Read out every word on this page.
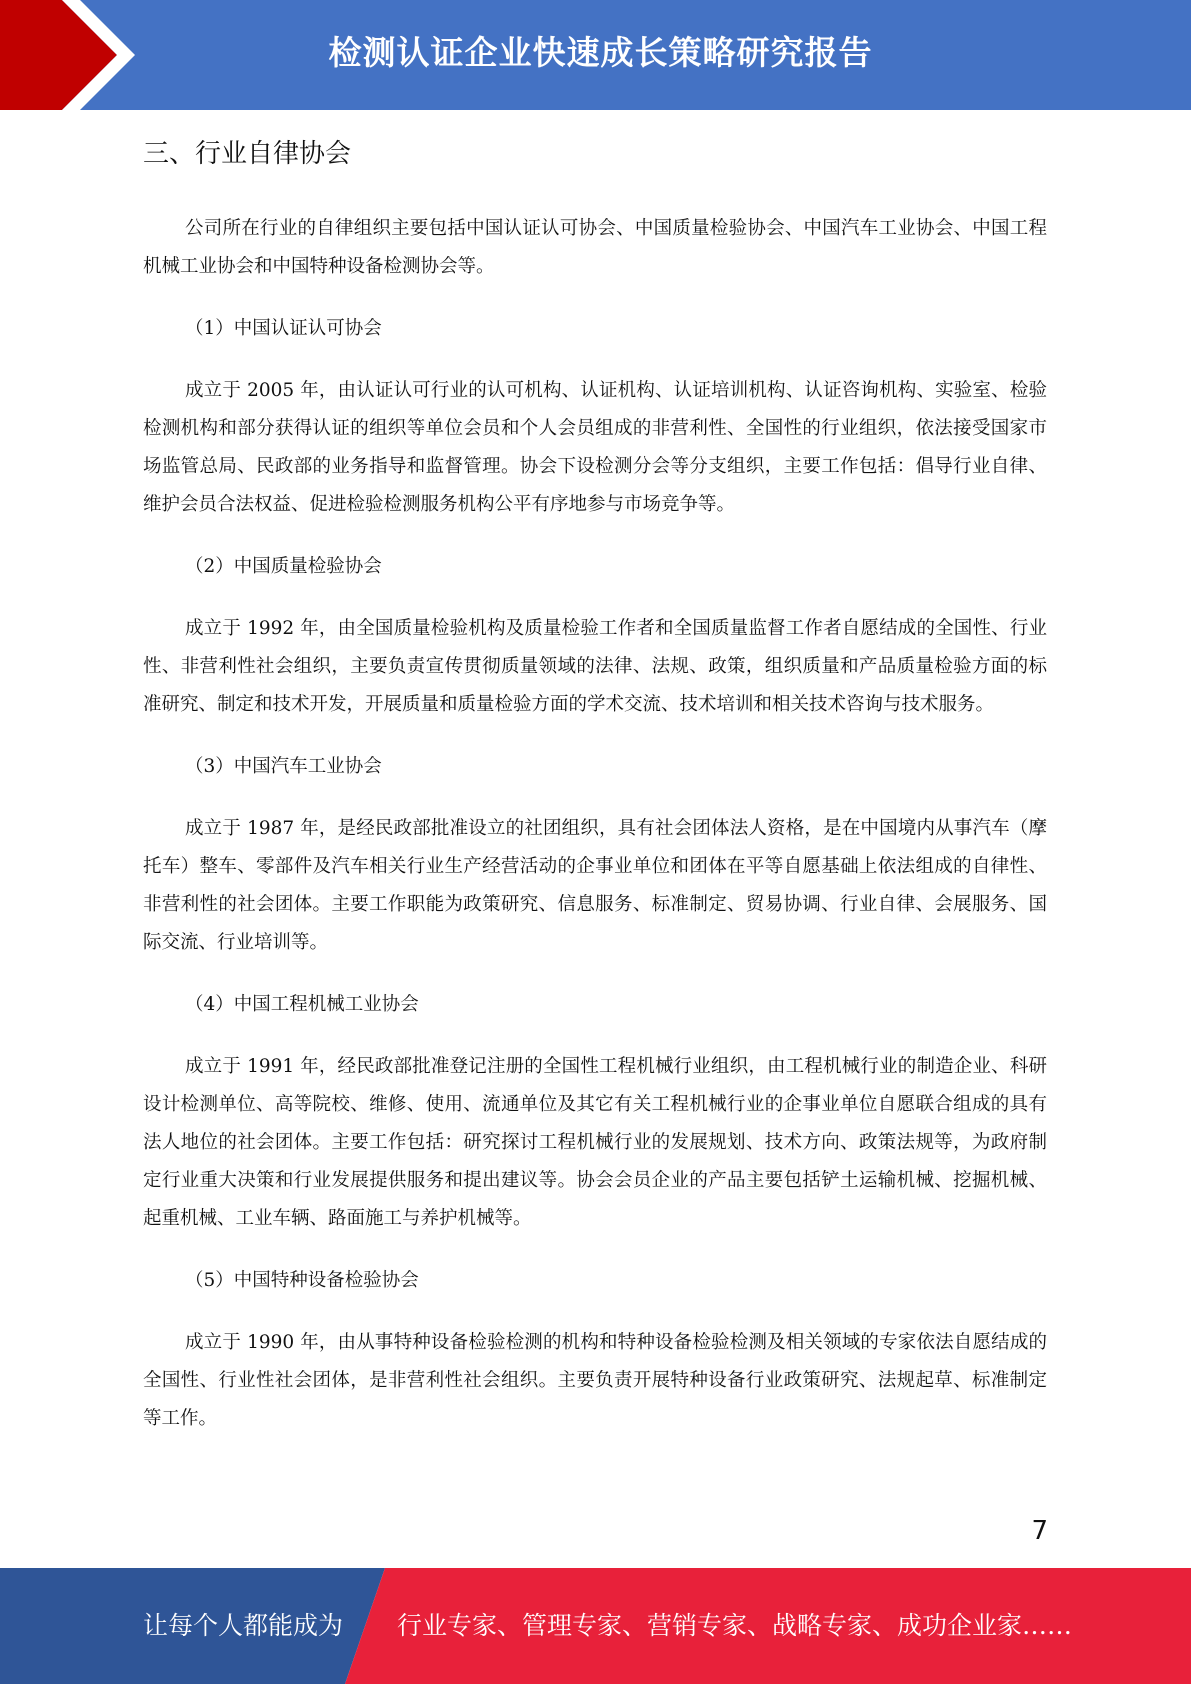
检测认证企业快速成长策略研究报告
三、行业自律协会

公司所在行业的自律组织主要包括中国认证认可协会、中国质量检验协会、中国汽车工业协会、中国工程机械工业协会和中国特种设备检测协会等。

（1）中国认证认可协会

成立于 2005 年，由认证认可行业的认可机构、认证机构、认证培训机构、认证咨询机构、实验室、检验检测机构和部分获得认证的组织等单位会员和个人会员组成的非营利性、全国性的行业组织，依法接受国家市场监管总局、民政部的业务指导和监督管理。协会下设检测分会等分支组织，主要工作包括：倡导行业自律、维护会员合法权益、促进检验检测服务机构公平有序地参与市场竞争等。

（2）中国质量检验协会

成立于 1992 年，由全国质量检验机构及质量检验工作者和全国质量监督工作者自愿结成的全国性、行业性、非营利性社会组织，主要负责宣传贯彻质量领域的法律、法规、政策，组织质量和产品质量检验方面的标准研究、制定和技术开发，开展质量和质量检验方面的学术交流、技术培训和相关技术咨询与技术服务。

（3）中国汽车工业协会

成立于 1987 年，是经民政部批准设立的社团组织，具有社会团体法人资格，是在中国境内从事汽车（摩托车）整车、零部件及汽车相关行业生产经营活动的企事业单位和团体在平等自愿基础上依法组成的自律性、非营利性的社会团体。主要工作职能为政策研究、信息服务、标准制定、贸易协调、行业自律、会展服务、国际交流、行业培训等。

（4）中国工程机械工业协会

成立于 1991 年，经民政部批准登记注册的全国性工程机械行业组织，由工程机械行业的制造企业、科研设计检测单位、高等院校、维修、使用、流通单位及其它有关工程机械行业的企事业单位自愿联合组成的具有法人地位的社会团体。主要工作包括：研究探讨工程机械行业的发展规划、技术方向、政策法规等，为政府制定行业重大决策和行业发展提供服务和提出建议等。协会会员企业的产品主要包括铲土运输机械、挖掘机械、起重机械、工业车辆、路面施工与养护机械等。

（5）中国特种设备检验协会

成立于 1990 年，由从事特种设备检验检测的机构和特种设备检验检测及相关领域的专家依法自愿结成的全国性、行业性社会团体，是非营利性社会组织。主要负责开展特种设备行业政策研究、法规起草、标准制定等工作。

7
让每个人都能成为 行业专家、管理专家、营销专家、战略专家、成功企业家……
